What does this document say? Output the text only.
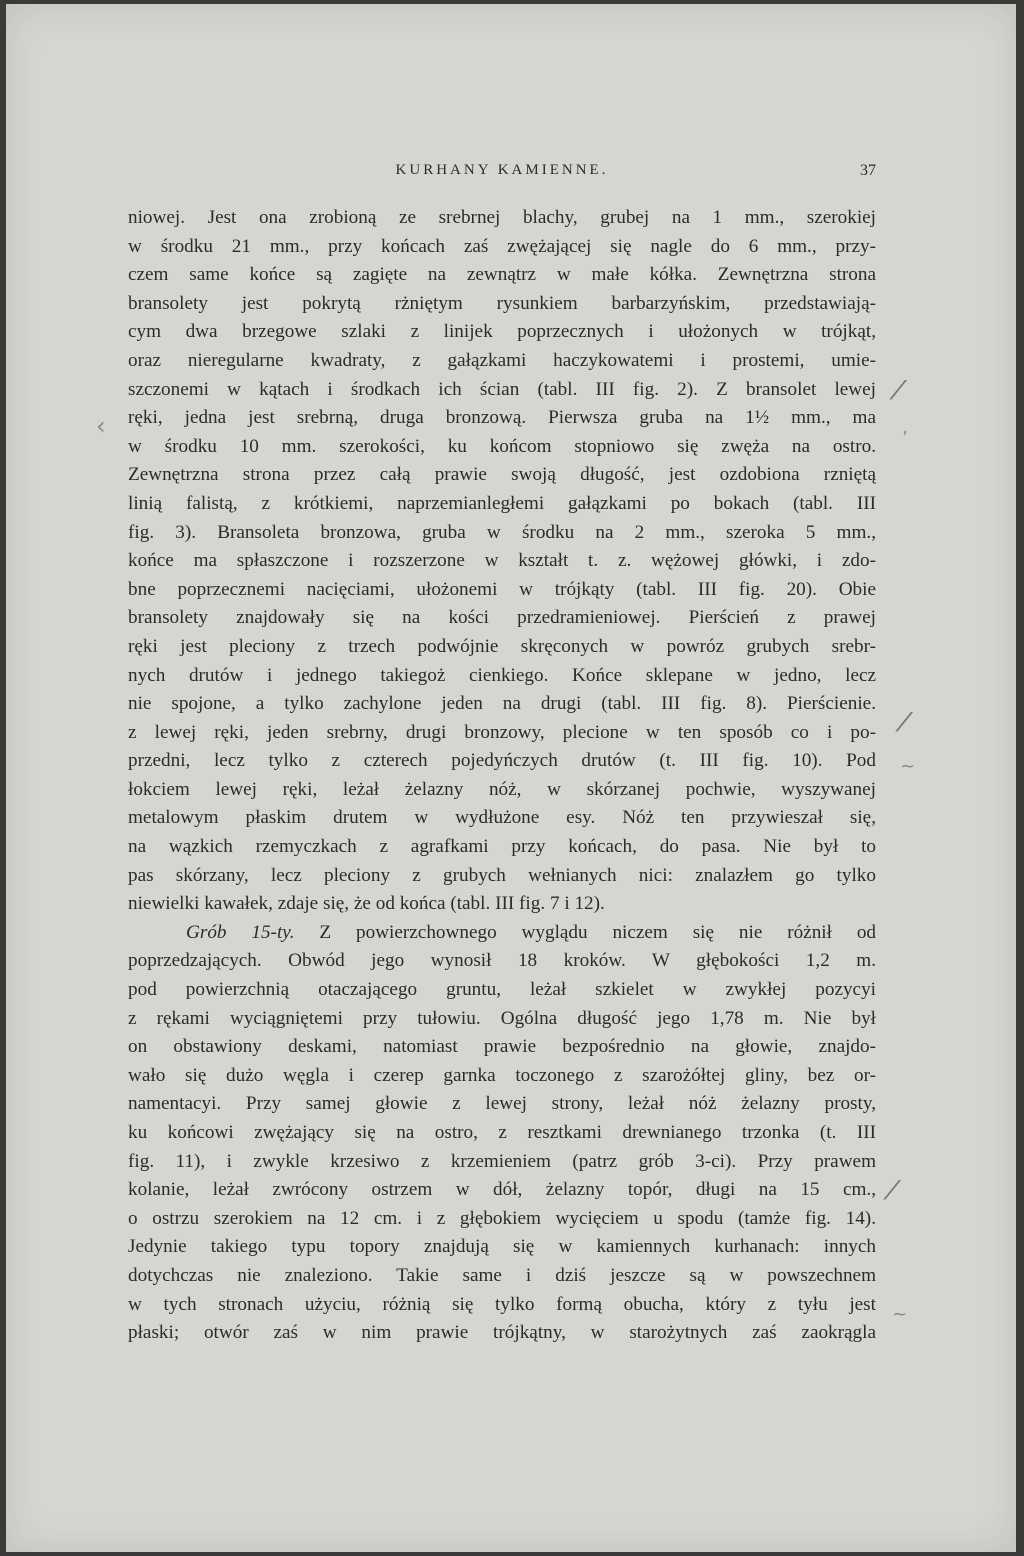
KURHANY KAMIENNE.	37
niowej. Jest ona zrobioną ze srebrnej blachy, grubej na 1 mm., szerokiej
w środku 21 mm., przy końcach zaś zwężającej się nagle do 6 mm., przy-
czem same końce są zagięte na zewnątrz w małe kółka. Zewnętrzna strona
bransolety jest pokrytą rżniętym rysunkiem barbarzyńskim, przedstawiają-
cym dwa brzegowe szlaki z linijek poprzecznych i ułożonych w trójkąt,
oraz nieregularne kwadraty, z gałązkami haczykowatemi i prostemi, umie-
szczonemi w kątach i środkach ich ścian (tabl. III fig. 2). Z bransolet lewej
ręki, jedna jest srebrną, druga bronzową. Pierwsza gruba na 1½ mm., ma
w środku 10 mm. szerokości, ku końcom stopniowo się zwęża na ostro.
Zewnętrzna strona przez całą prawie swoją długość, jest ozdobiona rzniętą
linią falistą, z krótkiemi, naprzemianległemi gałązkami po bokach (tabl. III
fig. 3). Bransoleta bronzowa, gruba w środku na 2 mm., szeroka 5 mm.,
końce ma spłaszczone i rozszerzone w kształt t. z. wężowej główki, i zdo-
bne poprzecznemi nacięciami, ułożonemi w trójkąty (tabl. III fig. 20). Obie
bransolety znajdowały się na kości przedramieniowej. Pierścień z prawej
ręki jest pleciony z trzech podwójnie skręconych w powróz grubych srebr-
nych drutów i jednego takiegoż cienkiego. Końce sklepane w jedno, lecz
nie spojone, a tylko zachylone jeden na drugi (tabl. III fig. 8). Pierścienie.
z lewej ręki, jeden srebrny, drugi bronzowy, plecione w ten sposób co i po-
przedni, lecz tylko z czterech pojedyńczych drutów (t. III fig. 10). Pod
łokciem lewej ręki, leżał żelazny nóż, w skórzanej pochwie, wyszywanej
metalowym płaskim drutem w wydłużone esy. Nóż ten przywieszał się,
na wązkich rzemyczkach z agrafkami przy końcach, do pasa. Nie był to
pas skórzany, lecz pleciony z grubych wełnianych nici: znalazłem go tylko
niewielki kawałek, zdaje się, że od końca (tabl. III fig. 7 i 12).
Grób 15-ty. Z powierzchownego wyglądu niczem się nie różnił od
poprzedzających. Obwód jego wynosił 18 kroków. W głębokości 1,2 m.
pod powierzchnią otaczającego gruntu, leżał szkielet w zwykłej pozycyi
z rękami wyciągniętemi przy tułowiu. Ogólna długość jego 1,78 m. Nie był
on obstawiony deskami, natomiast prawie bezpośrednio na głowie, znajdo-
wało się dużo węgla i czerep garnka toczonego z szarożółtej gliny, bez or-
namentacyi. Przy samej głowie z lewej strony, leżał nóż żelazny prosty,
ku końcowi zwężający się na ostro, z resztkami drewnianego trzonka (t. III
fig. 11), i zwykle krzesiwo z krzemieniem (patrz grób 3-ci). Przy prawem
kolanie, leżał zwrócony ostrzem w dół, żelazny topór, długi na 15 cm.,
o ostrzu szerokiem na 12 cm. i z głębokiem wycięciem u spodu (tamże fig. 14).
Jedynie takiego typu topory znajdują się w kamiennych kurhanach: innych
dotychczas nie znaleziono. Takie same i dziś jeszcze są w powszechnem
w tych stronach użyciu, różnią się tylko formą obucha, który z tyłu jest
płaski; otwór zaś w nim prawie trójkątny, w starożytnych zaś zaokrągla
⁄
ʼ
⁄
~
⁄
~
‹
